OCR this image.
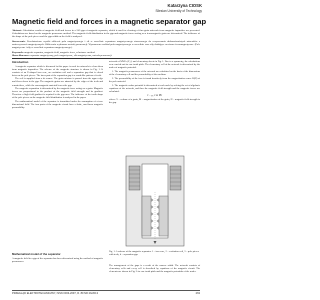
Katarzyna CIOSK
Silesian University of Technology
Magnetic field and forces in a magnetic separator gap
Abstract. Calculation results of magnetic field and forces in a 2-D gap of magnetic separator, which is used for cleaning of fine-grain minerals from magnetic impurities are presented. Calculations are based on the magnetic permeance method. The magnetic field distribution in the gap and magnetic forces acting on a ferromagnetic grain are determined. The influence of the shape of the pole pieces and the gap width on the field is analysed.
Streszczenie. Przedstawiono wyniki obliczeń pola magnetycznego i sił w szczelinie separatora magnetycznego stosowanego do oczyszczania drobnoziarnistych minerałów z zanieczyszczeń magnetycznych. Obliczenia wykonano metodą permeancji. Wyznaczono rozkład pola magnetycznego w szczelinie oraz siły działające na ziarno ferromagnetyczne. (Pole magnetyczne i siły w szczelinie separatora magnetycznego).
Keywords: magnetic separator, magnetic field, magnetic force, reluctance method.
Słowa kluczowe: separator magnetyczny, pole magnetyczne, siła magnetyczna, metoda permeancji.
Introduction

A magnetic separator which is discussed in this paper is used for minerals to clean them from magnetic impurities. The scheme of the magnetic structure is shown in Fig. 1. It consists of an U-shaped iron core, an excitation coil and a separation gap that is closed between the pole pieces. The inner part of the separation gap is a comb-like pattern of teeth.

The coil is supplied from a dc source. The grain mixture is poured from the upper edge and flows down in the gap. The magnetic grains are attracted by the edges of the teeth and remain there, while the non-magnetic material leaves the gap.

The magnetic separation is determined by the magnetic force acting on a grain. Magnetic forces are proportional to the product of the magnetic field strength and its gradient. Therefore a high field gradient is required in the gap area. The influence of the tooth shape of the pole pieces on the magnetic field distribution is analysed in the paper.

The mathematical model of the separator is formulated under the assumption of a two-dimensional field. The iron parts of the magnetic circuit have a finite, non-linear magnetic permeability.

Mathematical model of the separator

A magnetic field in a gap of the separator has been determined using the method of magnetic permeances.

network of MVPs (P_i) and elementary sheets in Fig. 1. Due to a symmetry, the calculations were carried out for one tooth pitch. The elementary cell of the network is determined by the nodes of magnetic potential.

1. The magnetic permeances of the network are calculated on the basis of the dimensions of the elementary cell and the permeability of the medium.

2. The permeability of the iron is found iteratively from the magnetization curve B(H) of the pole material.

3. The magnetic scalar potential is determined at each node by solving the set of algebraic equations of the network, and then the magnetic field strength and the magnetic forces are calculated.

F = μ₀ V M ∇H

where: V – volume of a grain, M – magnetization of the grain, H – magnetic field strength in the gap.

Fig. 1. A scheme of the magnetic separator: 1 – iron core, 2 – excitation coil, 3 – pole pieces with teeth, 4 – separation gap

The arrangement of the gaps is a result of the narrow width. The network consists of elementary cells and every cell is described by equations of the magnetic circuit. The elements are shown in Fig. 2 for one tooth pitch and the magnetic potentials of the nodes.

PRZEGLĄD ELEKTROTECHNICZNY, ISSN 0033-2097, R. 89 NR 2b/2013	263
